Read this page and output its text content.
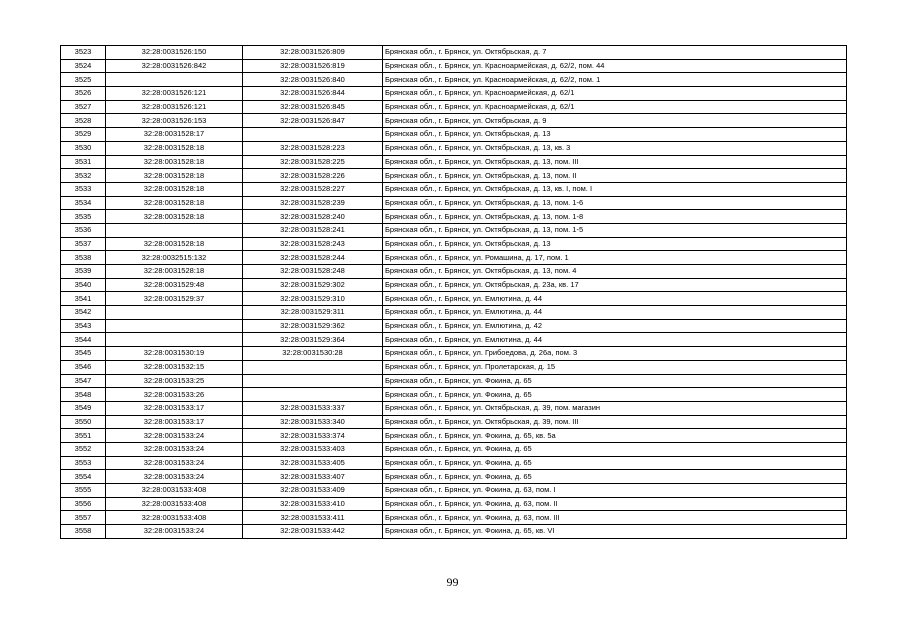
3523	32:28:0031526:150	32:28:0031526:809	Брянская обл., г. Брянск, ул. Октябрьская, д. 7
3524	32:28:0031526:842	32:28:0031526:819	Брянская обл., г. Брянск, ул. Красноармейская, д. 62/2, пом. 44
3525		32:28:0031526:840	Брянская обл., г. Брянск, ул. Красноармейская, д. 62/2, пом. 1
3526	32:28:0031526:121	32:28:0031526:844	Брянская обл., г. Брянск, ул. Красноармейская, д. 62/1
3527	32:28:0031526:121	32:28:0031526:845	Брянская обл., г. Брянск, ул. Красноармейская, д. 62/1
3528	32:28:0031526:153	32:28:0031526:847	Брянская обл., г. Брянск, ул. Октябрьская, д. 9
3529	32:28:0031528:17		Брянская обл., г. Брянск, ул. Октябрьская, д. 13
3530	32:28:0031528:18	32:28:0031528:223	Брянская обл., г. Брянск, ул. Октябрьская, д. 13, кв. 3
3531	32:28:0031528:18	32:28:0031528:225	Брянская обл., г. Брянск, ул. Октябрьская, д. 13, пом. III
3532	32:28:0031528:18	32:28:0031528:226	Брянская обл., г. Брянск, ул. Октябрьская, д. 13, пом. II
3533	32:28:0031528:18	32:28:0031528:227	Брянская обл., г. Брянск, ул. Октябрьская, д. 13, кв. I, пом. I
3534	32:28:0031528:18	32:28:0031528:239	Брянская обл., г. Брянск, ул. Октябрьская, д. 13, пом. 1-6
3535	32:28:0031528:18	32:28:0031528:240	Брянская обл., г. Брянск, ул. Октябрьская, д. 13, пом. 1-8
3536		32:28:0031528:241	Брянская обл., г. Брянск, ул. Октябрьская, д. 13, пом. 1-5
3537	32:28:0031528:18	32:28:0031528:243	Брянская обл., г. Брянск, ул. Октябрьская, д. 13
3538	32:28:0032515:132	32:28:0031528:244	Брянская обл., г. Брянск, ул. Ромашина, д. 17, пом. 1
3539	32:28:0031528:18	32:28:0031528:248	Брянская обл., г. Брянск, ул. Октябрьская, д. 13, пом. 4
3540	32:28:0031529:48	32:28:0031529:302	Брянская обл., г. Брянск, ул. Октябрьская, д. 23а, кв. 17
3541	32:28:0031529:37	32:28:0031529:310	Брянская обл., г. Брянск, ул. Емлютина, д. 44
3542		32:28:0031529:311	Брянская обл., г. Брянск, ул. Емлютина, д. 44
3543		32:28:0031529:362	Брянская обл., г. Брянск, ул. Емлютина, д. 42
3544		32:28:0031529:364	Брянская обл., г. Брянск, ул. Емлютина, д. 44
3545	32:28:0031530:19	32:28:0031530:28	Брянская обл., г. Брянск, ул. Грибоедова, д. 26а, пом. 3
3546	32:28:0031532:15		Брянская обл., г. Брянск, ул. Пролетарская, д. 15
3547	32:28:0031533:25		Брянская обл., г. Брянск, ул. Фокина, д. 65
3548	32:28:0031533:26		Брянская обл., г. Брянск, ул. Фокина, д. 65
3549	32:28:0031533:17	32:28:0031533:337	Брянская обл., г. Брянск, ул. Октябрьская, д. 39, пом. магазин
3550	32:28:0031533:17	32:28:0031533:340	Брянская обл., г. Брянск, ул. Октябрьская, д. 39, пом. III
3551	32:28:0031533:24	32:28:0031533:374	Брянская обл., г. Брянск, ул. Фокина, д. 65, кв. 5а
3552	32:28:0031533:24	32:28:0031533:403	Брянская обл., г. Брянск, ул. Фокина, д. 65
3553	32:28:0031533:24	32:28:0031533:405	Брянская обл., г. Брянск, ул. Фокина, д. 65
3554	32:28:0031533:24	32:28:0031533:407	Брянская обл., г. Брянск, ул. Фокина, д. 65
3555	32:28:0031533:408	32:28:0031533:409	Брянская обл., г. Брянск, ул. Фокина, д. 63, пом. I
3556	32:28:0031533:408	32:28:0031533:410	Брянская обл., г. Брянск, ул. Фокина, д. 63, пом. II
3557	32:28:0031533:408	32:28:0031533:411	Брянская обл., г. Брянск, ул. Фокина, д. 63, пом. III
3558	32:28:0031533:24	32:28:0031533:442	Брянская обл., г. Брянск, ул. Фокина, д. 65, кв. VI
99
